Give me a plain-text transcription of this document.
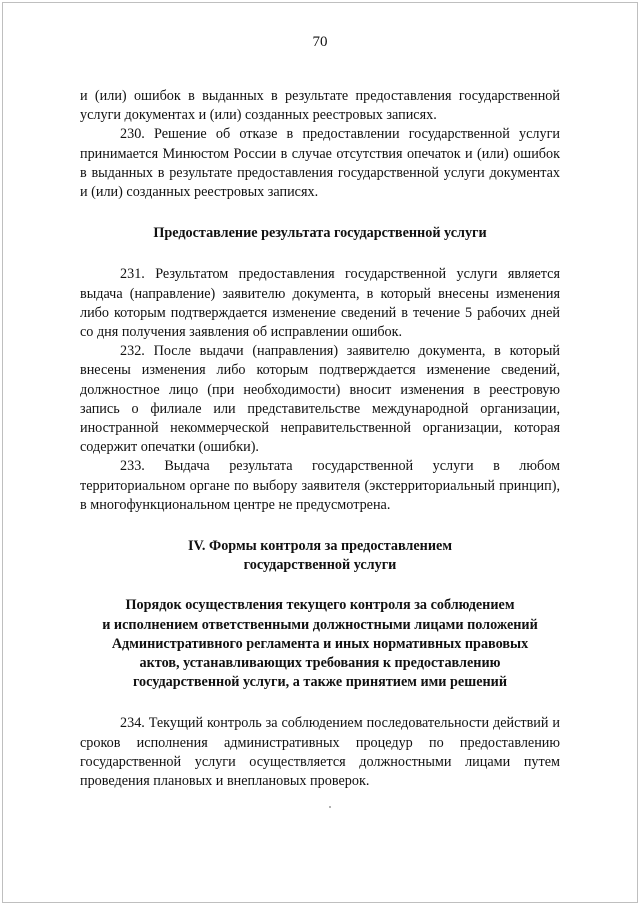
70

и (или) ошибок в выданных в результате предоставления государственной услуги документах и (или) созданных реестровых записях.

230. Решение об отказе в предоставлении государственной услуги принимается Минюстом России в случае отсутствия опечаток и (или) ошибок в выданных в результате предоставления государственной услуги документах и (или) созданных реестровых записях.

Предоставление результата государственной услуги

231. Результатом предоставления государственной услуги является выдача (направление) заявителю документа, в который внесены изменения либо которым подтверждается изменение сведений в течение 5 рабочих дней со дня получения заявления об исправлении ошибок.

232. После выдачи (направления) заявителю документа, в который внесены изменения либо которым подтверждается изменение сведений, должностное лицо (при необходимости) вносит изменения в реестровую запись о филиале или представительстве международной организации, иностранной некоммерческой неправительственной организации, которая содержит опечатки (ошибки).

233. Выдача результата государственной услуги в любом территориальном органе по выбору заявителя (экстерриториальный принцип), в многофункциональном центре не предусмотрена.

IV. Формы контроля за предоставлением
государственной услуги
Порядок осуществления текущего контроля за соблюдением
и исполнением ответственными должностными лицами положений
Административного регламента и иных нормативных правовых
актов, устанавливающих требования к предоставлению
государственной услуги, а также принятием ими решений

234. Текущий контроль за соблюдением последовательности действий и сроков исполнения административных процедур по предоставлению государственной услуги осуществляется должностными лицами путем проведения плановых и внеплановых проверок.
